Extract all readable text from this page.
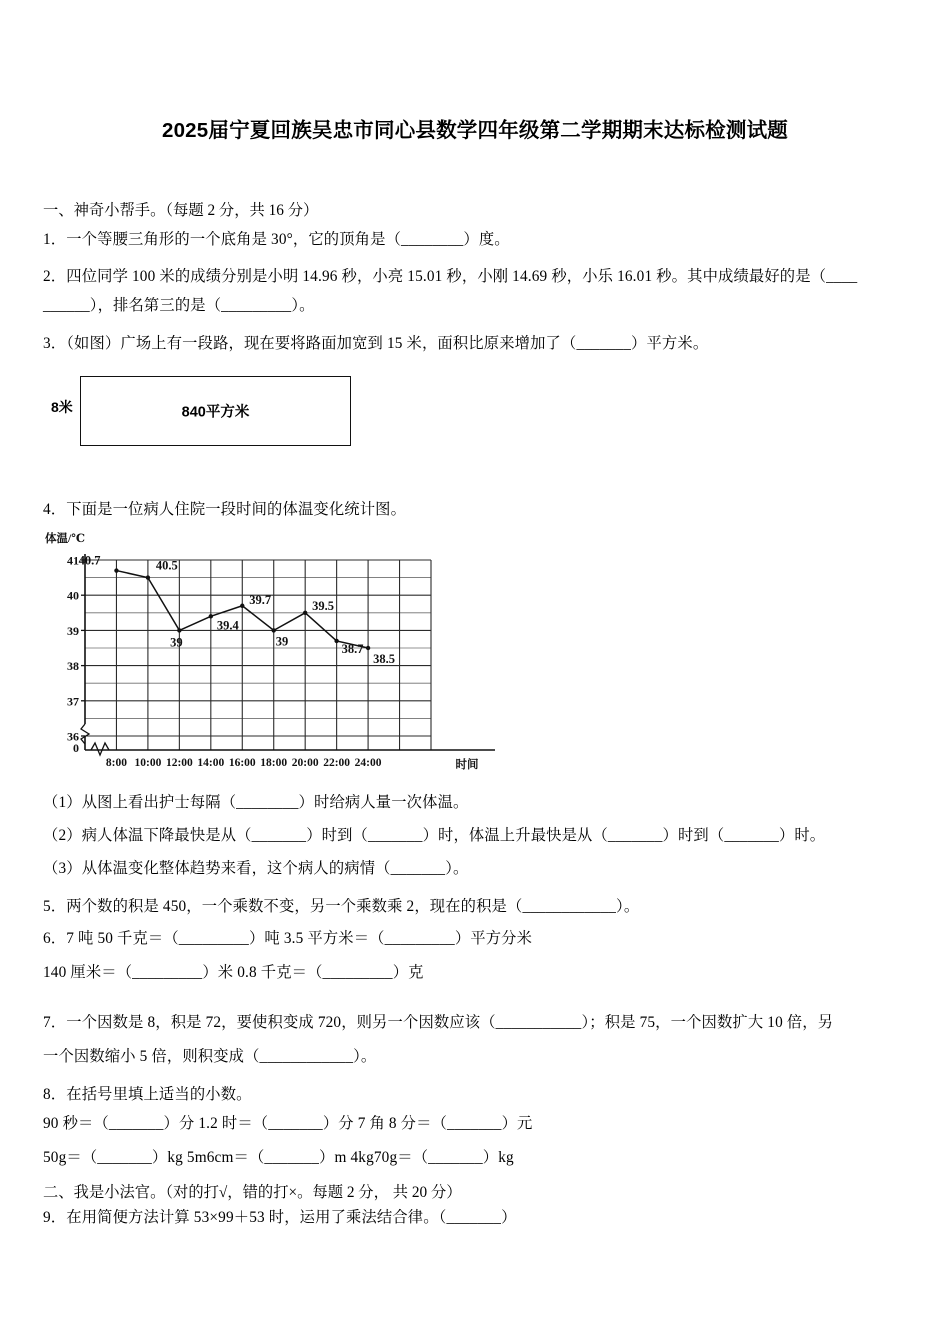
2025届宁夏回族吴忠市同心县数学四年级第二学期期末达标检测试题
一、神奇小帮手。（每题 2 分，共 16 分）
1．一个等腰三角形的一个底角是 30°，它的顶角是（________）度。
2．四位同学 100 米的成绩分别是小明 14.96 秒，小亮 15.01 秒，小刚 14.69 秒，小乐 16.01 秒。其中成绩最好的是（____
______），排名第三的是（_________）。
3．（如图）广场上有一段路，现在要将路面加宽到 15 米，面积比原来增加了（_______）平方米。
8米	840平方米
4．下面是一位病人住院一段时间的体温变化统计图。
体温/℃
36
37
38
39
40
41
0
8:00 10:00 12:00 14:00 16:00 18:00 20:00 22:00 24:00	时间
40.7	40.5
39
39.4
39.7
39
39.5
38.7
38.5
（1）从图上看出护士每隔（________）时给病人量一次体温。
（2）病人体温下降最快是从（_______）时到（_______）时，体温上升最快是从（_______）时到（_______）时。
（3）从体温变化整体趋势来看，这个病人的病情（_______）。
5．两个数的积是 450，一个乘数不变，另一个乘数乘 2，现在的积是（____________）。
6．7 吨 50 千克＝（_________）吨 3.5 平方米＝（_________）平方分米
140 厘米＝（_________）米 0.8 千克＝（_________）克
7．一个因数是 8，积是 72，要使积变成 720，则另一个因数应该（___________）；积是 75，一个因数扩大 10 倍，另
一个因数缩小 5 倍，则积变成（____________）。
8．在括号里填上适当的小数。
90 秒＝（_______）分 1.2 时＝（_______）分 7 角 8 分＝（_______）元
50g＝（_______）kg 5m6cm＝（_______）m 4kg70g＝（_______）kg
二、我是小法官。（对的打√，错的打×。每题 2 分， 共 20 分）
9．在用简便方法计算 53×99＋53 时，运用了乘法结合律。（_______）
